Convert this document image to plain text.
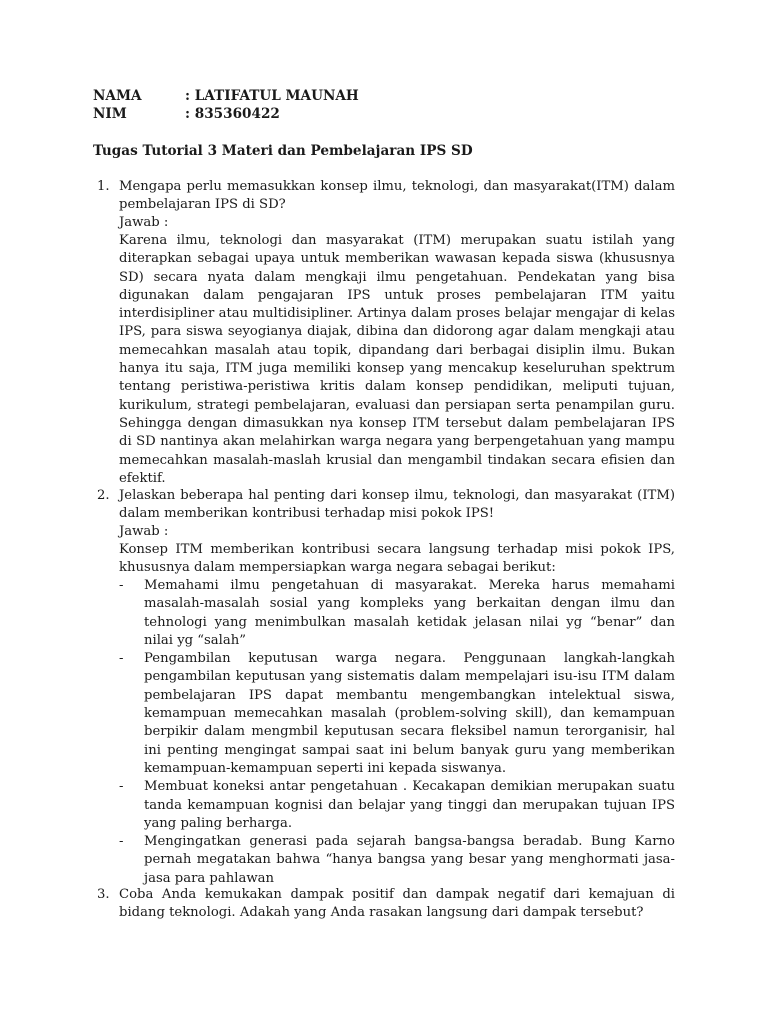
NAMA	: LATIFATUL MAUNAH
NIM	: 835360422
Tugas Tutorial 3 Materi dan Pembelajaran IPS SD
1. Mengapa perlu memasukkan konsep ilmu, teknologi, dan masyarakat(ITM) dalam pembelajaran IPS di SD?
Jawab :
Karena ilmu, teknologi dan masyarakat (ITM) merupakan suatu istilah yang diterapkan sebagai upaya untuk memberikan wawasan kepada siswa (khususnya SD) secara nyata dalam mengkaji ilmu pengetahuan. Pendekatan yang bisa digunakan dalam pengajaran IPS untuk proses pembelajaran ITM yaitu interdisipliner atau multidisipliner. Artinya dalam proses belajar mengajar di kelas IPS, para siswa seyogianya diajak, dibina dan didorong agar dalam mengkaji atau memecahkan masalah atau topik, dipandang dari berbagai disiplin ilmu. Bukan hanya itu saja, ITM juga memiliki konsep yang mencakup keseluruhan spektrum tentang peristiwa-peristiwa kritis dalam konsep pendidikan, meliputi tujuan, kurikulum, strategi pembelajaran, evaluasi dan persiapan serta penampilan guru. Sehingga dengan dimasukkan nya konsep ITM tersebut dalam pembelajaran IPS di SD nantinya akan melahirkan warga negara yang berpengetahuan yang mampu memecahkan masalah-maslah krusial dan mengambil tindakan secara efisien dan efektif.
2. Jelaskan beberapa hal penting dari konsep ilmu, teknologi, dan masyarakat (ITM) dalam memberikan kontribusi terhadap misi pokok IPS!
Jawab :
Konsep ITM memberikan kontribusi secara langsung terhadap misi pokok IPS, khususnya dalam mempersiapkan warga negara sebagai berikut:
- Memahami ilmu pengetahuan di masyarakat. Mereka harus memahami masalah-masalah sosial yang kompleks yang berkaitan dengan ilmu dan tehnologi yang menimbulkan masalah ketidak jelasan nilai yg “benar” dan nilai yg “salah”
- Pengambilan keputusan warga negara. Penggunaan langkah-langkah pengambilan keputusan yang sistematis dalam mempelajari isu-isu ITM dalam pembelajaran IPS dapat membantu mengembangkan intelektual siswa, kemampuan memecahkan masalah (problem-solving skill), dan kemampuan berpikir dalam mengmbil keputusan secara fleksibel namun terorganisir, hal ini penting mengingat sampai saat ini belum banyak guru yang memberikan kemampuan-kemampuan seperti ini kepada siswanya.
- Membuat koneksi antar pengetahuan . Kecakapan demikian merupakan suatu tanda kemampuan kognisi dan belajar yang tinggi dan merupakan tujuan IPS yang paling berharga.
- Mengingatkan generasi pada sejarah bangsa-bangsa beradab. Bung Karno pernah megatakan bahwa “hanya bangsa yang besar yang menghormati jasa-jasa para pahlawan
3. Coba Anda kemukakan dampak positif dan dampak negatif dari kemajuan di bidang teknologi. Adakah yang Anda rasakan langsung dari dampak tersebut?
